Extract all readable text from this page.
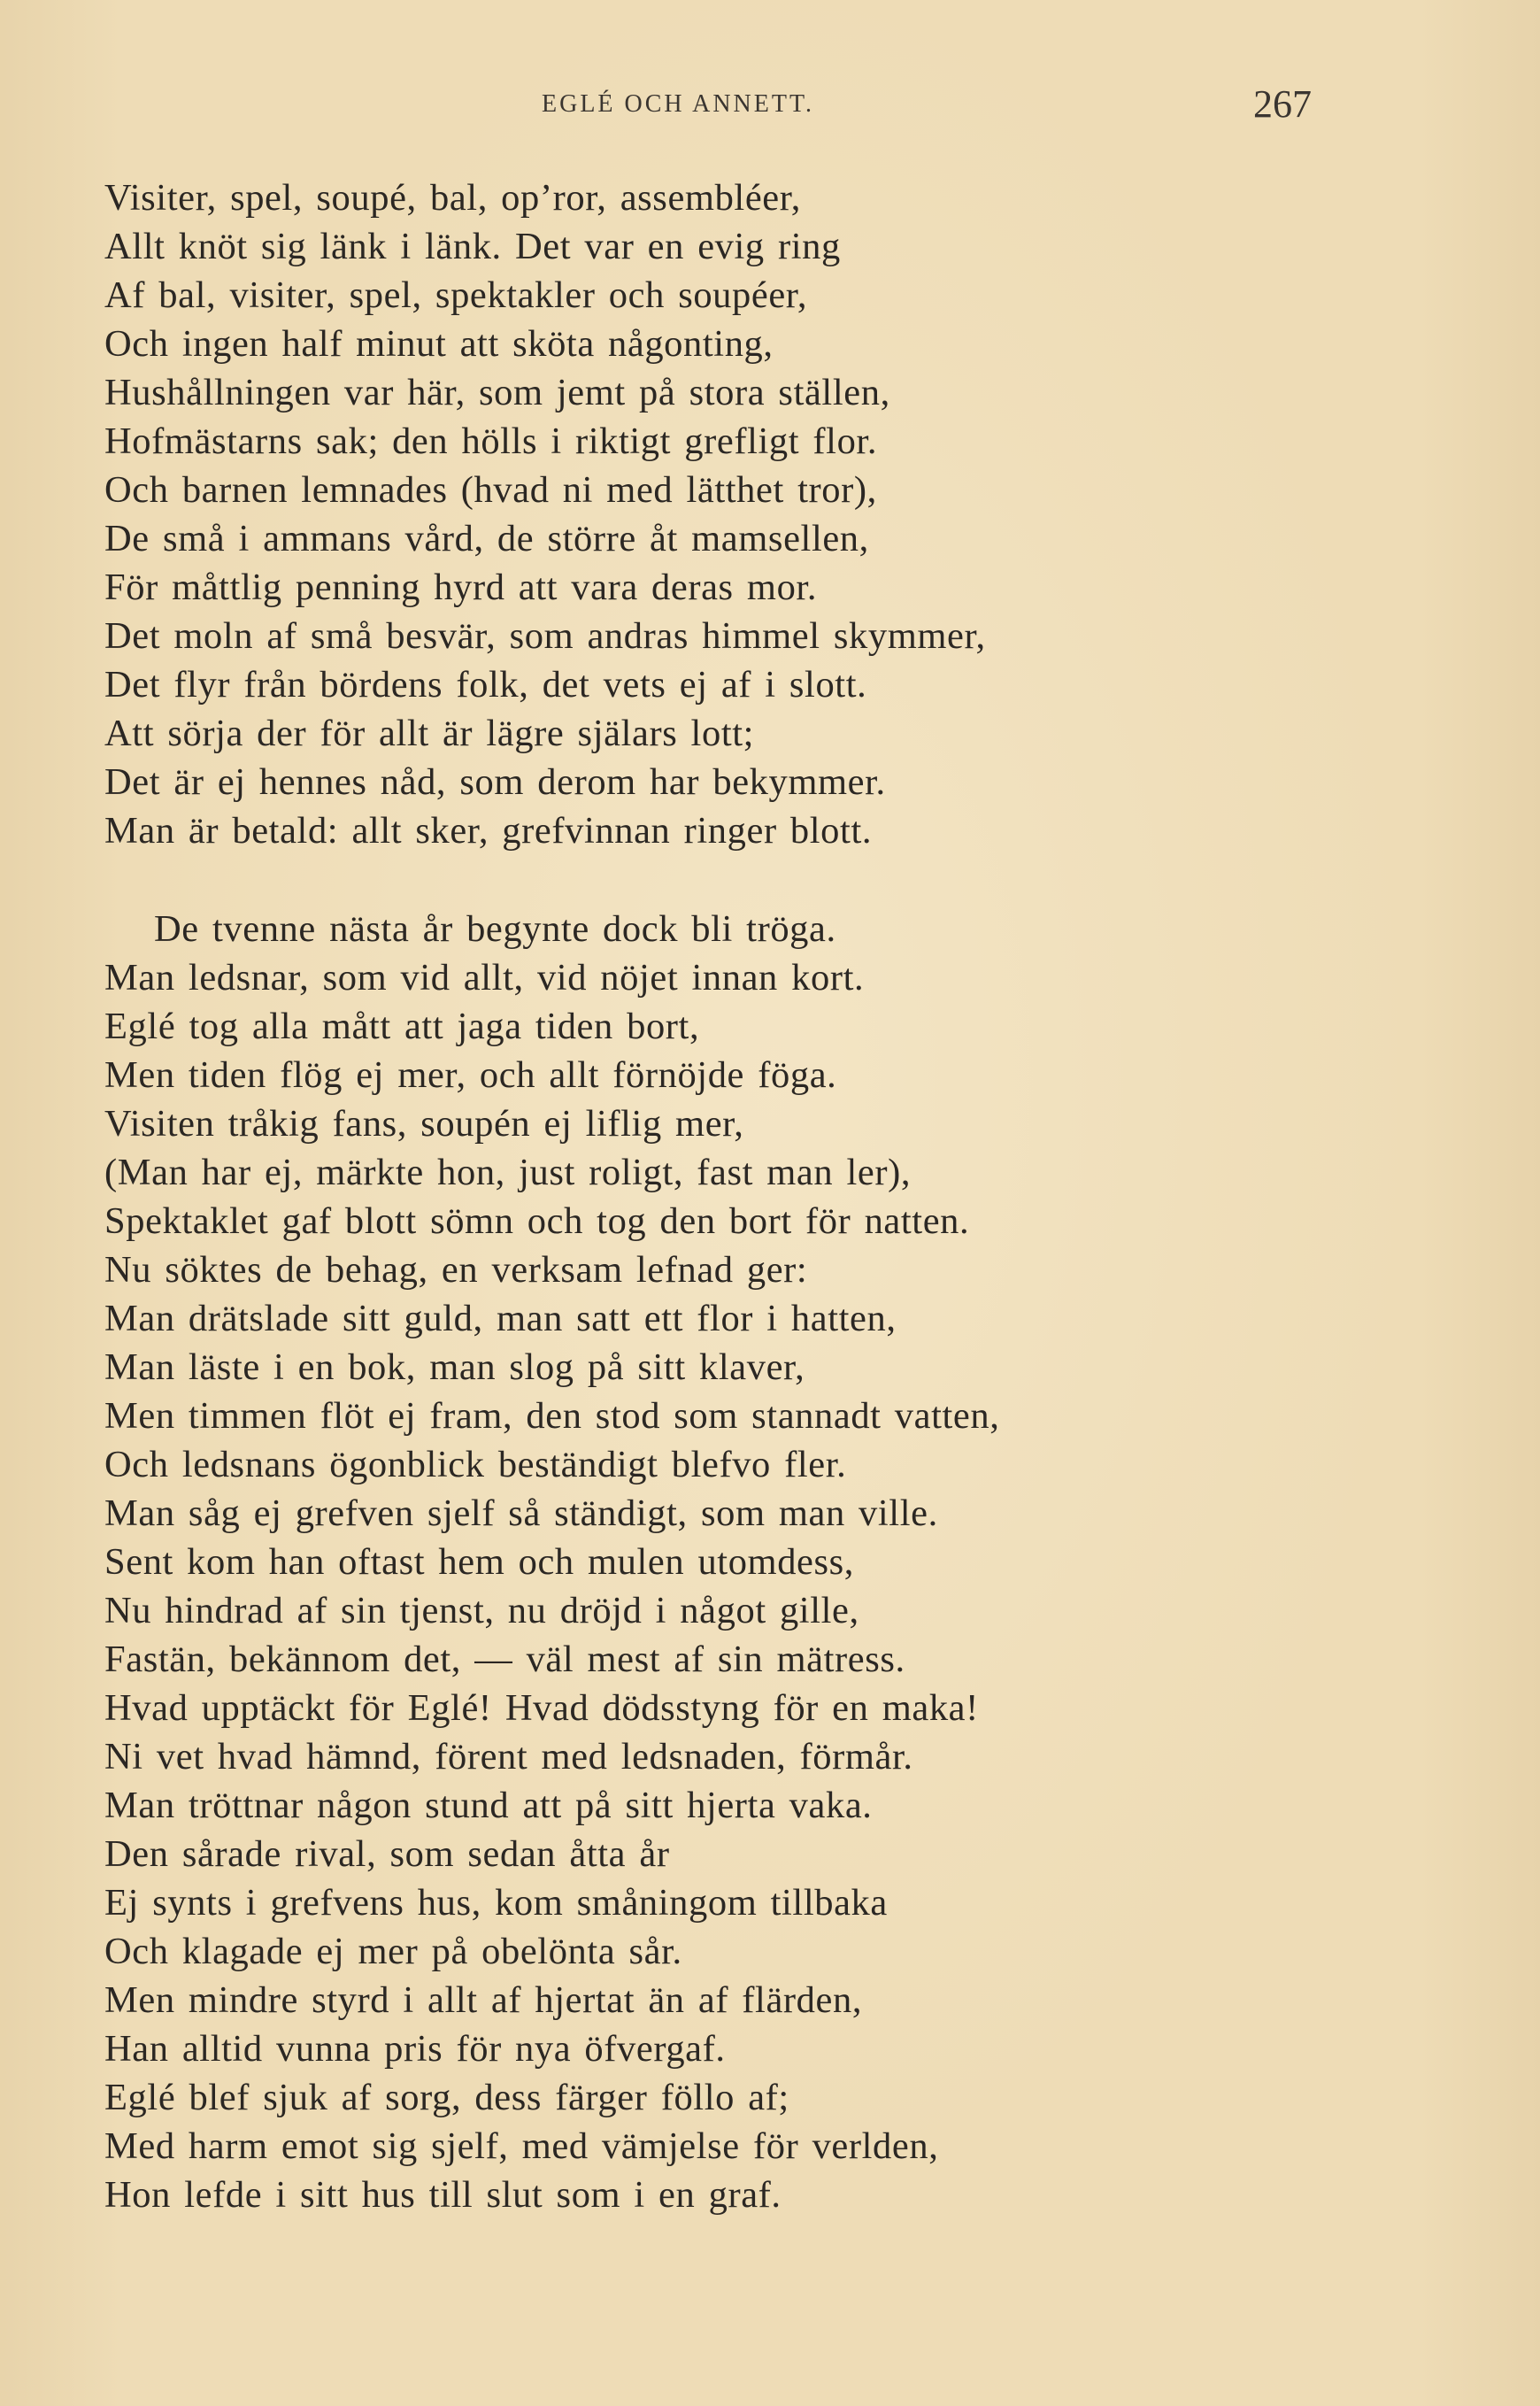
EGLÉ OCH ANNETT.	267
Visiter, spel, soupé, bal, op’ror, assembléer,
Allt knöt sig länk i länk. Det var en evig ring
Af bal, visiter, spel, spektakler och soupéer,
Och ingen half minut att sköta någonting,
Hushållningen var här, som jemt på stora ställen,
Hofmästarns sak; den hölls i riktigt grefligt flor.
Och barnen lemnades (hvad ni med lätthet tror),
De små i ammans vård, de större åt mamsellen,
För måttlig penning hyrd att vara deras mor.
Det moln af små besvär, som andras himmel skymmer,
Det flyr från bördens folk, det vets ej af i slott.
Att sörja der för allt är lägre själars lott;
Det är ej hennes nåd, som derom har bekymmer.
Man är betald: allt sker, grefvinnan ringer blott.
De tvenne nästa år begynte dock bli tröga.
Man ledsnar, som vid allt, vid nöjet innan kort.
Eglé tog alla mått att jaga tiden bort,
Men tiden flög ej mer, och allt förnöjde föga.
Visiten tråkig fans, soupén ej liflig mer,
(Man har ej, märkte hon, just roligt, fast man ler),
Spektaklet gaf blott sömn och tog den bort för natten.
Nu söktes de behag, en verksam lefnad ger:
Man drätslade sitt guld, man satt ett flor i hatten,
Man läste i en bok, man slog på sitt klaver,
Men timmen flöt ej fram, den stod som stannadt vatten,
Och ledsnans ögonblick beständigt blefvo fler.
Man såg ej grefven sjelf så ständigt, som man ville.
Sent kom han oftast hem och mulen utomdess,
Nu hindrad af sin tjenst, nu dröjd i något gille,
Fastän, bekännom det, — väl mest af sin mätress.
Hvad upptäckt för Eglé! Hvad dödsstyng för en maka!
Ni vet hvad hämnd, förent med ledsnaden, förmår.
Man tröttnar någon stund att på sitt hjerta vaka.
Den sårade rival, som sedan åtta år
Ej synts i grefvens hus, kom småningom tillbaka
Och klagade ej mer på obelönta sår.
Men mindre styrd i allt af hjertat än af flärden,
Han alltid vunna pris för nya öfvergaf.
Eglé blef sjuk af sorg, dess färger föllo af;
Med harm emot sig sjelf, med vämjelse för verlden,
Hon lefde i sitt hus till slut som i en graf.
